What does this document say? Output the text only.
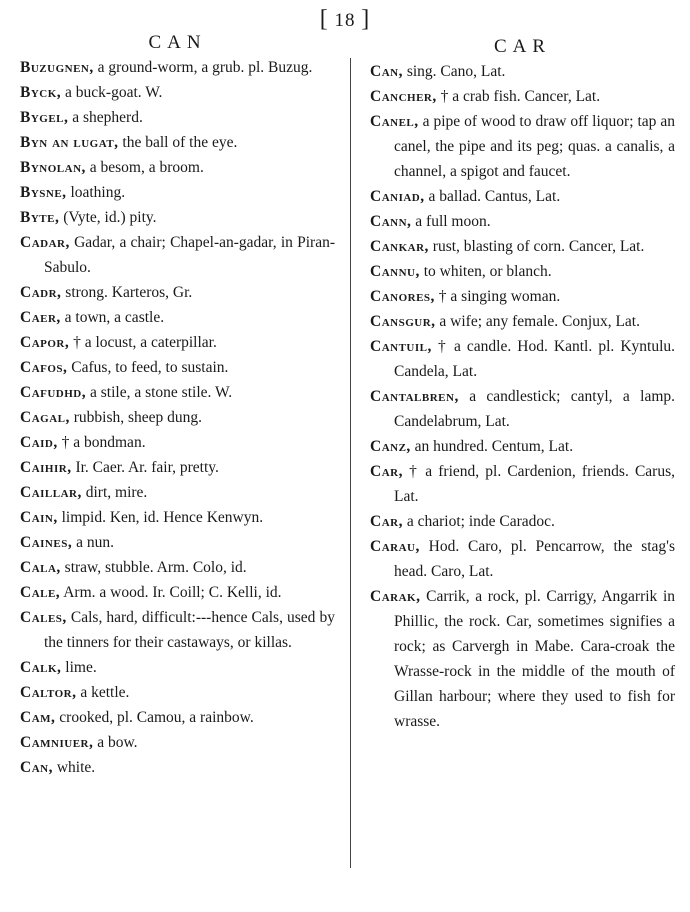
[ 18 ]
CAN
Buzugnen, a ground-worm, a grub. pl. Buzug.
Byck, a buck-goat. W.
Bygel, a shepherd.
Byn an lugat, the ball of the eye.
Bynolan, a besom, a broom.
Bysne, loathing.
Byte, (Vyte, id.) pity.
Cadar, Gadar, a chair; Chapel-an-gadar, in Piran-Sabulo.
Cadr, strong. Karteros, Gr.
Caer, a town, a castle.
Capor, † a locust, a caterpillar.
Cafos, Cafus, to feed, to sustain.
Cafudhd, a stile, a stone stile. W.
Cagal, rubbish, sheep dung.
Caid, † a bondman.
Caihir, Ir. Caer. Ar. fair, pretty.
Caillar, dirt, mire.
Cain, limpid. Ken, id. Hence Kenwyn.
Caines, a nun.
Cala, straw, stubble. Arm. Colo, id.
Cale, Arm. a wood. Ir. Coill; C. Kelli, id.
Cales, Cals, hard, difficult:---hence Cals, used by the tinners for their castaways, or killas.
Calk, lime.
Caltor, a kettle.
Cam, crooked, pl. Camou, a rainbow.
Camniuer, a bow.
Can, white.
CAR
Can, sing. Cano, Lat.
Cancher, † a crab fish. Cancer, Lat.
Canel, a pipe of wood to draw off liquor; tap an canel, the pipe and its peg; quas. a canalis, a channel, a spigot and faucet.
Caniad, a ballad. Cantus, Lat.
Cann, a full moon.
Cankar, rust, blasting of corn. Cancer, Lat.
Cannu, to whiten, or blanch.
Canores, † a singing woman.
Cansgur, a wife; any female. Conjux, Lat.
Cantuil, † a candle. Hod. Kantl. pl. Kyntulu. Candela, Lat.
Cantalbren, a candlestick; cantyl, a lamp. Candelabrum, Lat.
Canz, an hundred. Centum, Lat.
Car, † a friend, pl. Cardenion, friends. Carus, Lat.
Car, a chariot; inde Caradoc.
Carau, Hod. Caro, pl. Pencarrow, the stag's head. Caro, Lat.
Carak, Carrik, a rock, pl. Carrigy, Angarrik in Phillic, the rock. Car, sometimes signifies a rock; as Carvergh in Mabe. Cara-croak the Wrasse-rock in the middle of the mouth of Gillan harbour; where they used to fish for wrasse.
